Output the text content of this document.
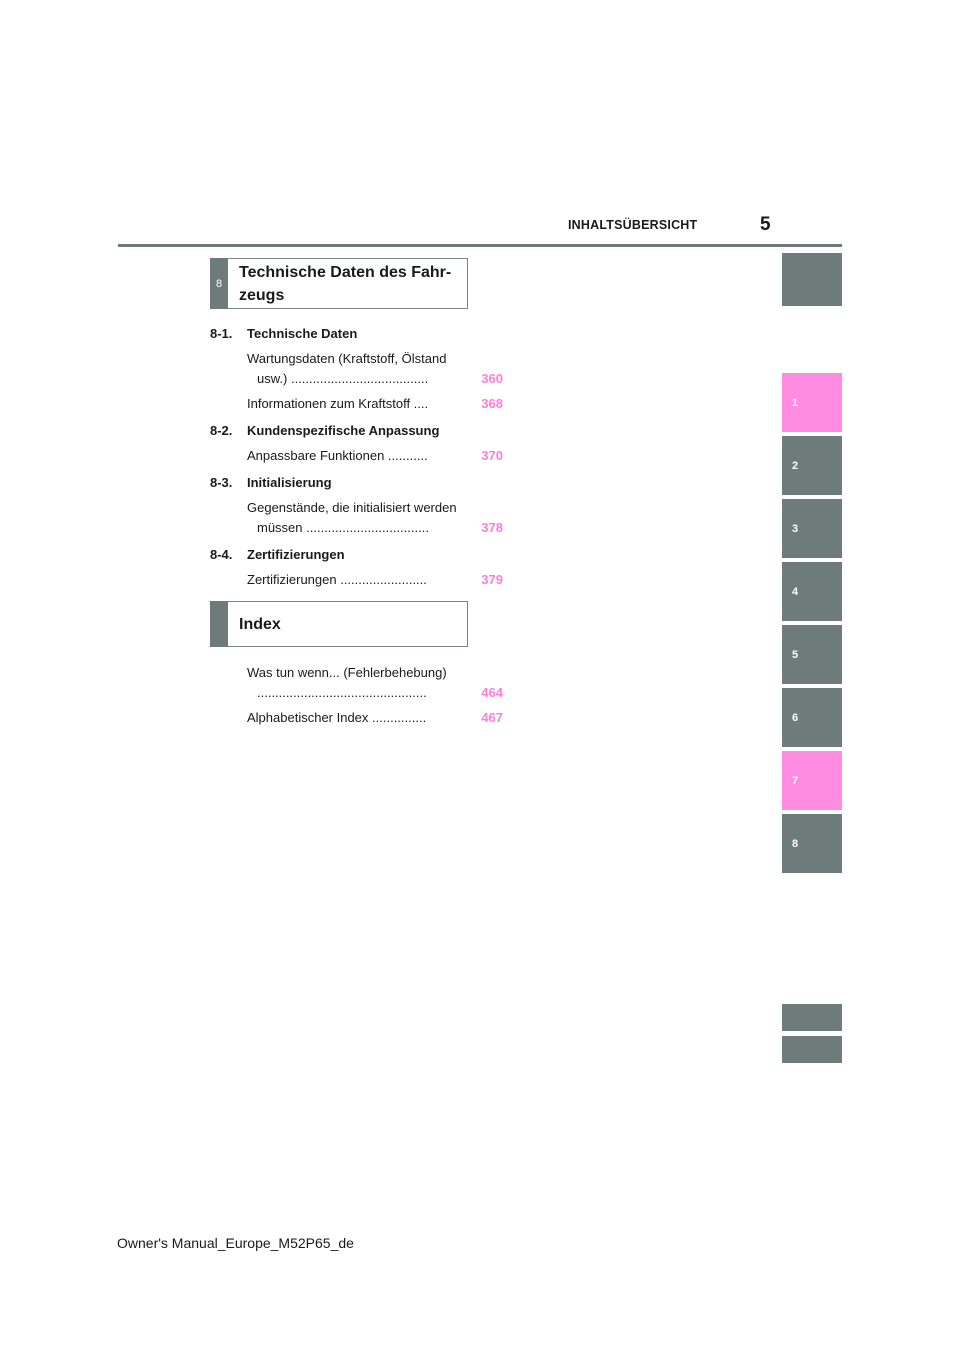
INHALTSÜBERSICHT	5
8
Technische Daten des Fahr-
zeugs
8-1. Technische Daten
Wartungsdaten (Kraftstoff, Ölstand
usw.) ......................................	360
Informationen zum Kraftstoff ....	368
8-2. Kundenspezifische Anpassung
Anpassbare Funktionen ...........	370
8-3. Initialisierung
Gegenstände, die initialisiert werden
müssen ..................................	378
8-4. Zertifizierungen
Zertifizierungen ........................	379
Index
Was tun wenn... (Fehlerbehebung)
...............................................	464
Alphabetischer Index ...............	467
1
2
3
4
5
6
7
8
Owner's Manual_Europe_M52P65_de
